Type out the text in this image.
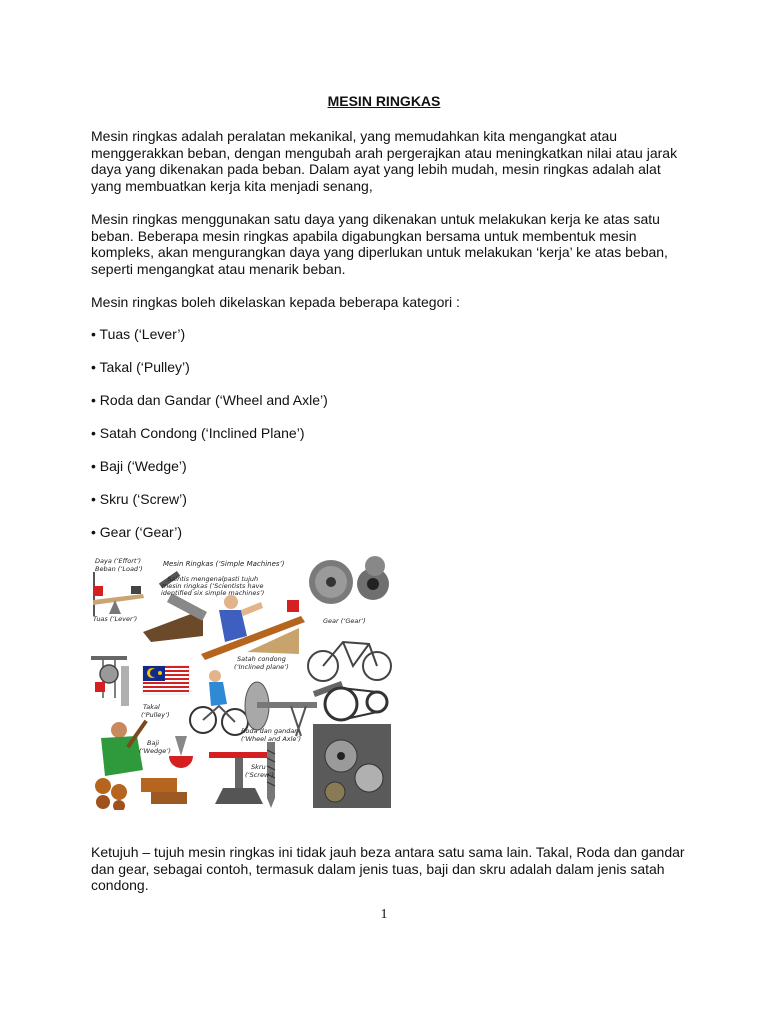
MESIN RINGKAS

Mesin ringkas adalah peralatan mekanikal, yang memudahkan kita mengangkat atau
menggerakkan beban, dengan mengubah arah pergerajkan atau meningkatkan nilai atau jarak
daya yang dikenakan pada beban. Dalam ayat yang lebih mudah, mesin ringkas adalah alat
yang membuatkan kerja kita menjadi senang,

Mesin ringkas menggunakan satu daya yang dikenakan untuk melakukan kerja ke atas satu
beban. Beberapa mesin ringkas apabila digabungkan bersama untuk membentuk mesin
kompleks, akan mengurangkan daya yang diperlukan untuk melakukan ‘kerja’ ke atas beban,
seperti mengangkat atau menarik beban.

Mesin ringkas boleh dikelaskan kepada beberapa kategori :

• Tuas (‘Lever’)
• Takal (‘Pulley’)
• Roda dan Gandar (‘Wheel and Axle’)
• Satah Condong (‘Inclined Plane’)
• Baji (‘Wedge’)
• Skru (‘Screw’)
• Gear (‘Gear’)
Daya (‘Effort’)
Beban (‘Load’)
Mesin Ringkas (‘Simple Machines’)
Saintis mengenalpasti tujuh
mesin ringkas (‘Scientists have
identified six simple machines’)
Tuas (‘Lever’)	Gear (‘Gear’)
Satah condong
(‘Inclined plane’)
Takal
(‘Pulley’)
Baji
(‘Wedge’)
Roda dan gandar
(‘Wheel and Axle’)
Skru
(‘Screw’)

Ketujuh – tujuh mesin ringkas ini tidak jauh beza antara satu sama lain. Takal, Roda dan gandar
dan gear, sebagai contoh, termasuk dalam jenis tuas, baji dan skru adalah dalam jenis satah
condong.

1
